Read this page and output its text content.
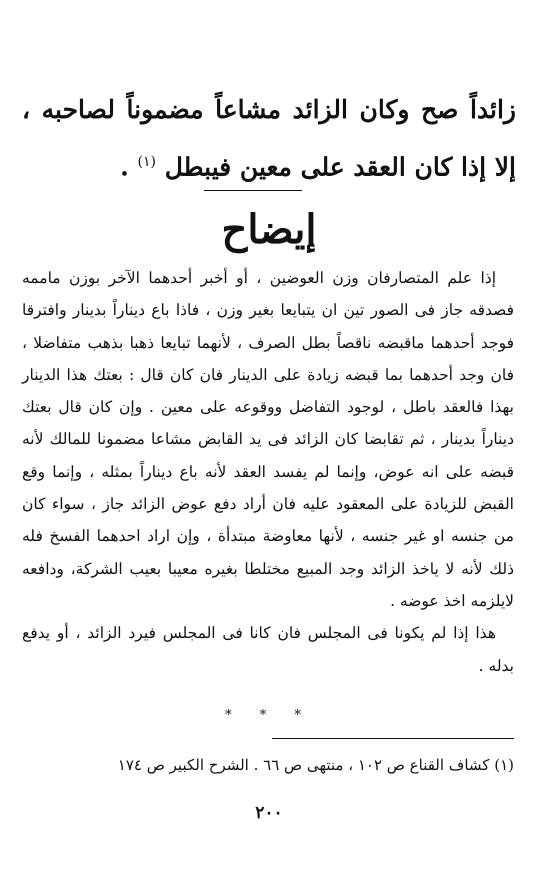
زائداً صح وكان الزائد مشاعاً مضموناً لصاحبه ، إلا إذا كان العقد على معين فيبطل $^{(١)}$ .
إيضاح

إذا علم المتصارفان وزن العوضين ، أو أخبر أحدهما الآخر بوزن ماممه فصدقه جاز فى الصور تين ان يتبايعا بغير وزن ، فاذا باع ديناراً بدينار وافترقا فوجد أحدهما ماقبضه ناقصاً بطل الصرف ، لأنهما تبايعا ذهبا بذهب متفاضلا ، فان وجد أحدهما بما قبضه زيادة على الدينار فان كان قال : بعتك هذا الدينار بهذا فالعقد باطل ، لوجود التفاضل ووقوعه على معين . وإن كان قال بعتك ديناراً بدينار ، ثم تقابضا كان الزائد فى يد القابض مشاعا مضمونا للمالك لأنه قبضه على انه عوض، وإنما لم يفسد العقد لأنه باع ديناراً بمثله ، وإنما وقع القبض للزيادة على المعقود عليه فان أراد دفع عوض الزائد جاز ، سواء كان من جنسه او غير جنسه ، لأنها معاوضة مبتدأة ، وإن اراد احدهما الفسخ فله ذلك لأنه لا ياخذ الزائد وجد المبيع مختلطا بغيره معيبا بعيب الشركة، ودافعه لايلزمه اخذ عوضه .

هذا إذا لم يكونا فى المجلس فان كانا فى المجلس فيرد الزائد ، أو يدفع بدله .

* * *
(١) كشاف القناع ص ١٠٢ ، منتهى ص ٦٦ . الشرح الكبير ص ١٧٤
٢٠٠
